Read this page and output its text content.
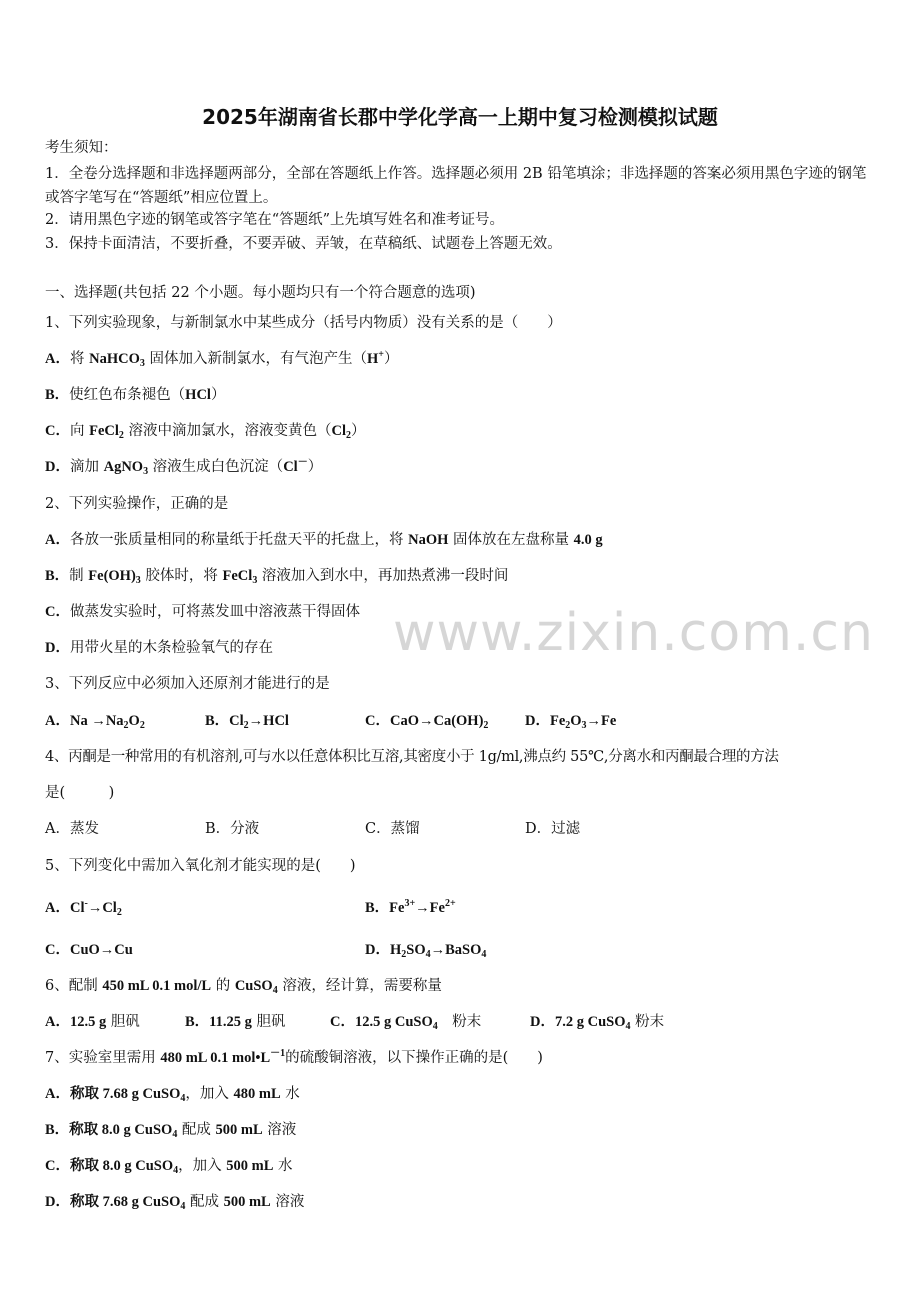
2025年湖南省长郡中学化学高一上期中复习检测模拟试题
考生须知：
1．全卷分选择题和非选择题两部分，全部在答题纸上作答。选择题必须用 2B 铅笔填涂；非选择题的答案必须用黑色字迹的钢笔或答字笔写在“答题纸”相应位置上。
2．请用黑色字迹的钢笔或答字笔在“答题纸”上先填写姓名和准考证号。
3．保持卡面清洁，不要折叠，不要弄破、弄皱，在草稿纸、试题卷上答题无效。
一、选择题(共包括 22 个小题。每小题均只有一个符合题意的选项)
1、下列实验现象，与新制氯水中某些成分（括号内物质）没有关系的是（　　）
A．将 NaHCO$_3$ 固体加入新制氯水，有气泡产生（H+）
B．使红色布条褪色（HCl）
C．向 FeCl$_2$ 溶液中滴加氯水，溶液变黄色$(Cl_2)$
D．滴加 AgNO$_3$ 溶液生成白色沉淀（Cl－）
2、下列实验操作，正确的是
A．各放一张质量相同的称量纸于托盘天平的托盘上，将 NaOH 固体放在左盘称量 4.0 g
B．制 $Fe(OH)_3$ 胶体时，将 FeCl$_3$ 溶液加入到水中，再加热煮沸一段时间
C．做蒸发实验时，可将蒸发皿中溶液蒸干得固体
D．用带火星的木条检验氧气的存在
3、下列反应中必须加入还原剂才能进行的是
A．$Na \to Na_2O_2$	B．$Cl_2\to HCl$	C．$CaO\to Ca(OH)_2$	D．$Fe_2O_3\to Fe$
4、丙酮是一种常用的有机溶剂,可与水以任意体积比互溶,其密度小于 1g/ml,沸点约 55℃,分离水和丙酮最合理的方法
是(　　　)
A．蒸发	B．分液	C．蒸馏	D．过滤
5、下列变化中需加入氧化剂才能实现的是(　　)
A．$Cl^-\to Cl_2$	B．$Fe^{3+}\to Fe^{2+}$
C．CuO→Cu	D．$H_2SO_4\to BaSO_4$
6、配制 450 mL 0.1 mol/L 的 CuSO$_4$ 溶液，经计算，需要称量
A．12.5 g 胆矾	B．11.25 g 胆矾	C．12.5 g CuSO$_4$　粉末	D．7.2 g CuSO$_4$ 粉末
7、实验室里需用 480 mL 0.1 $mol•L^{-1}$的硫酸铜溶液，以下操作正确的是(　　)
A．称取 7.68 g CuSO$_4$，加入 480 mL 水
B．称取 8.0 g CuSO$_4$ 配成 500 mL 溶液
C．称取 8.0 g CuSO$_4$，加入 500 mL 水
D．称取 7.68 g CuSO$_4$ 配成 500 mL 溶液
www.zixin.com.cn
